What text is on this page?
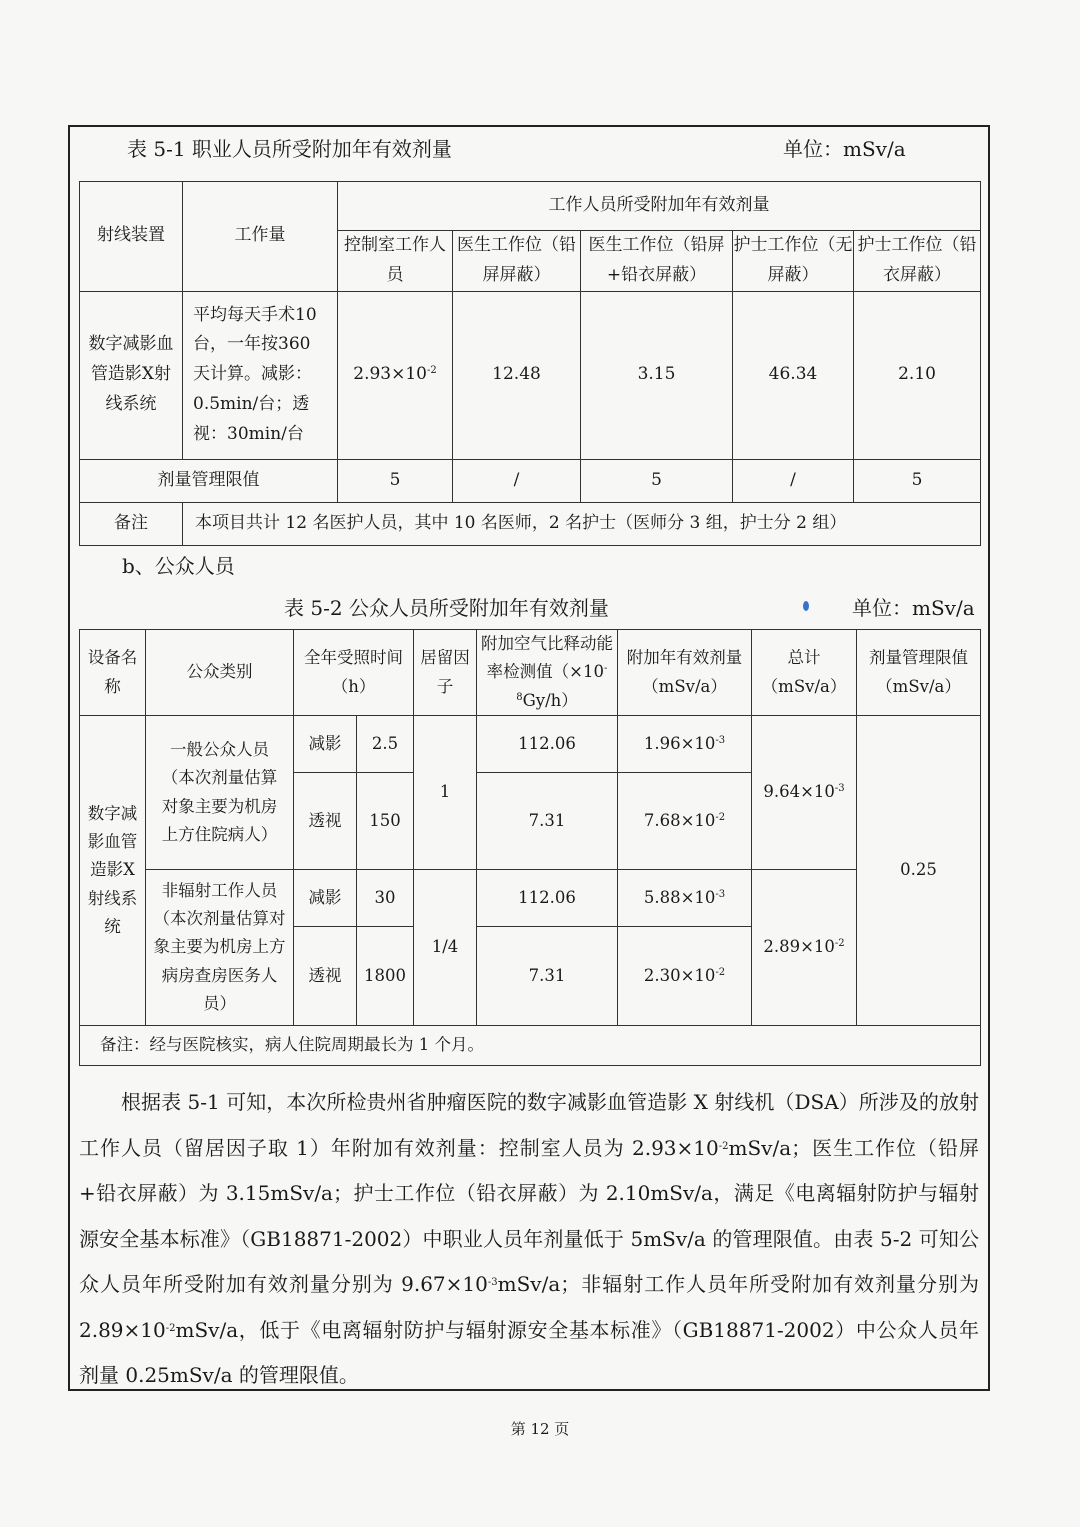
表 5-1 职业人员所受附加年有效剂量	单位：mSv/a
射线装置	工作量	工作人员所受附加年有效剂量				
		控制室工作人员	医生工作位（铅屏屏蔽）	医生工作位（铅屏+铅衣屏蔽）	护士工作位（无屏蔽）	护士工作位（铅衣屏蔽）
数字减影血管造影X射线系统	平均每天手术10台，一年按360天计算。减影：0.5min/台；透视：30min/台	$2.93\times 10^{-2}$	12.48	3.15	46.34	2.10
剂量管理限值		5	/	5	/	5
备注	本项目共计 12 名医护人员，其中 10 名医师，2 名护士（医师分 3 组，护士分 2 组）					
b、公众人员
表 5-2 公众人员所受附加年有效剂量	单位：mSv/a
设备名称	公众类别	全年受照时间（h）		居留因子	附加空气比释动能率检测值$(\times 10^{-8}Gy/h)$	附加年有效剂量（mSv/a）	总计（mSv/a）	剂量管理限值（mSv/a）
数字减影血管造影X射线系统	一般公众人员（本次剂量估算对象主要为机房上方住院病人）	减影	2.5	1	112.06	$1.96\times 10^{-3}$	$9.64\times 10^{-3}$	0.25
		透视	150		7.31	$7.68\times 10^{-2}$
	非辐射工作人员（本次剂量估算对象主要为机房上方病房查房医务人员）	减影	30	1/4	112.06	$5.88\times 10^{-3}$	$2.89\times 10^{-2}$
		透视	1800		7.31	$2.30\times 10^{-2}$
备注：经与医院核实，病人住院周期最长为 1 个月。								
根据表 5-1 可知，本次所检贵州省肿瘤医院的数字减影血管造影 X 射线机（DSA）所涉及的放射工作人员（留居因子取 1）年附加有效剂量：控制室人员为 $2.93\times 10^{-2}mSv/a$；医生工作位（铅屏+铅衣屏蔽）为 3.15mSv/a；护士工作位（铅衣屏蔽）为 2.10mSv/a，满足《电离辐射防护与辐射源安全基本标准》（GB18871-2002）中职业人员年剂量低于 5mSv/a 的管理限值。由表 5-2 可知公众人员年所受附加有效剂量分别为 $9.67\times 10^{-3}mSv/a$；非辐射工作人员年所受附加有效剂量分别为 $2.89\times 10^{-2}mSv/a$，低于《电离辐射防护与辐射源安全基本标准》（GB18871-2002）中公众人员年剂量 0.25mSv/a 的管理限值。
第 12 页
